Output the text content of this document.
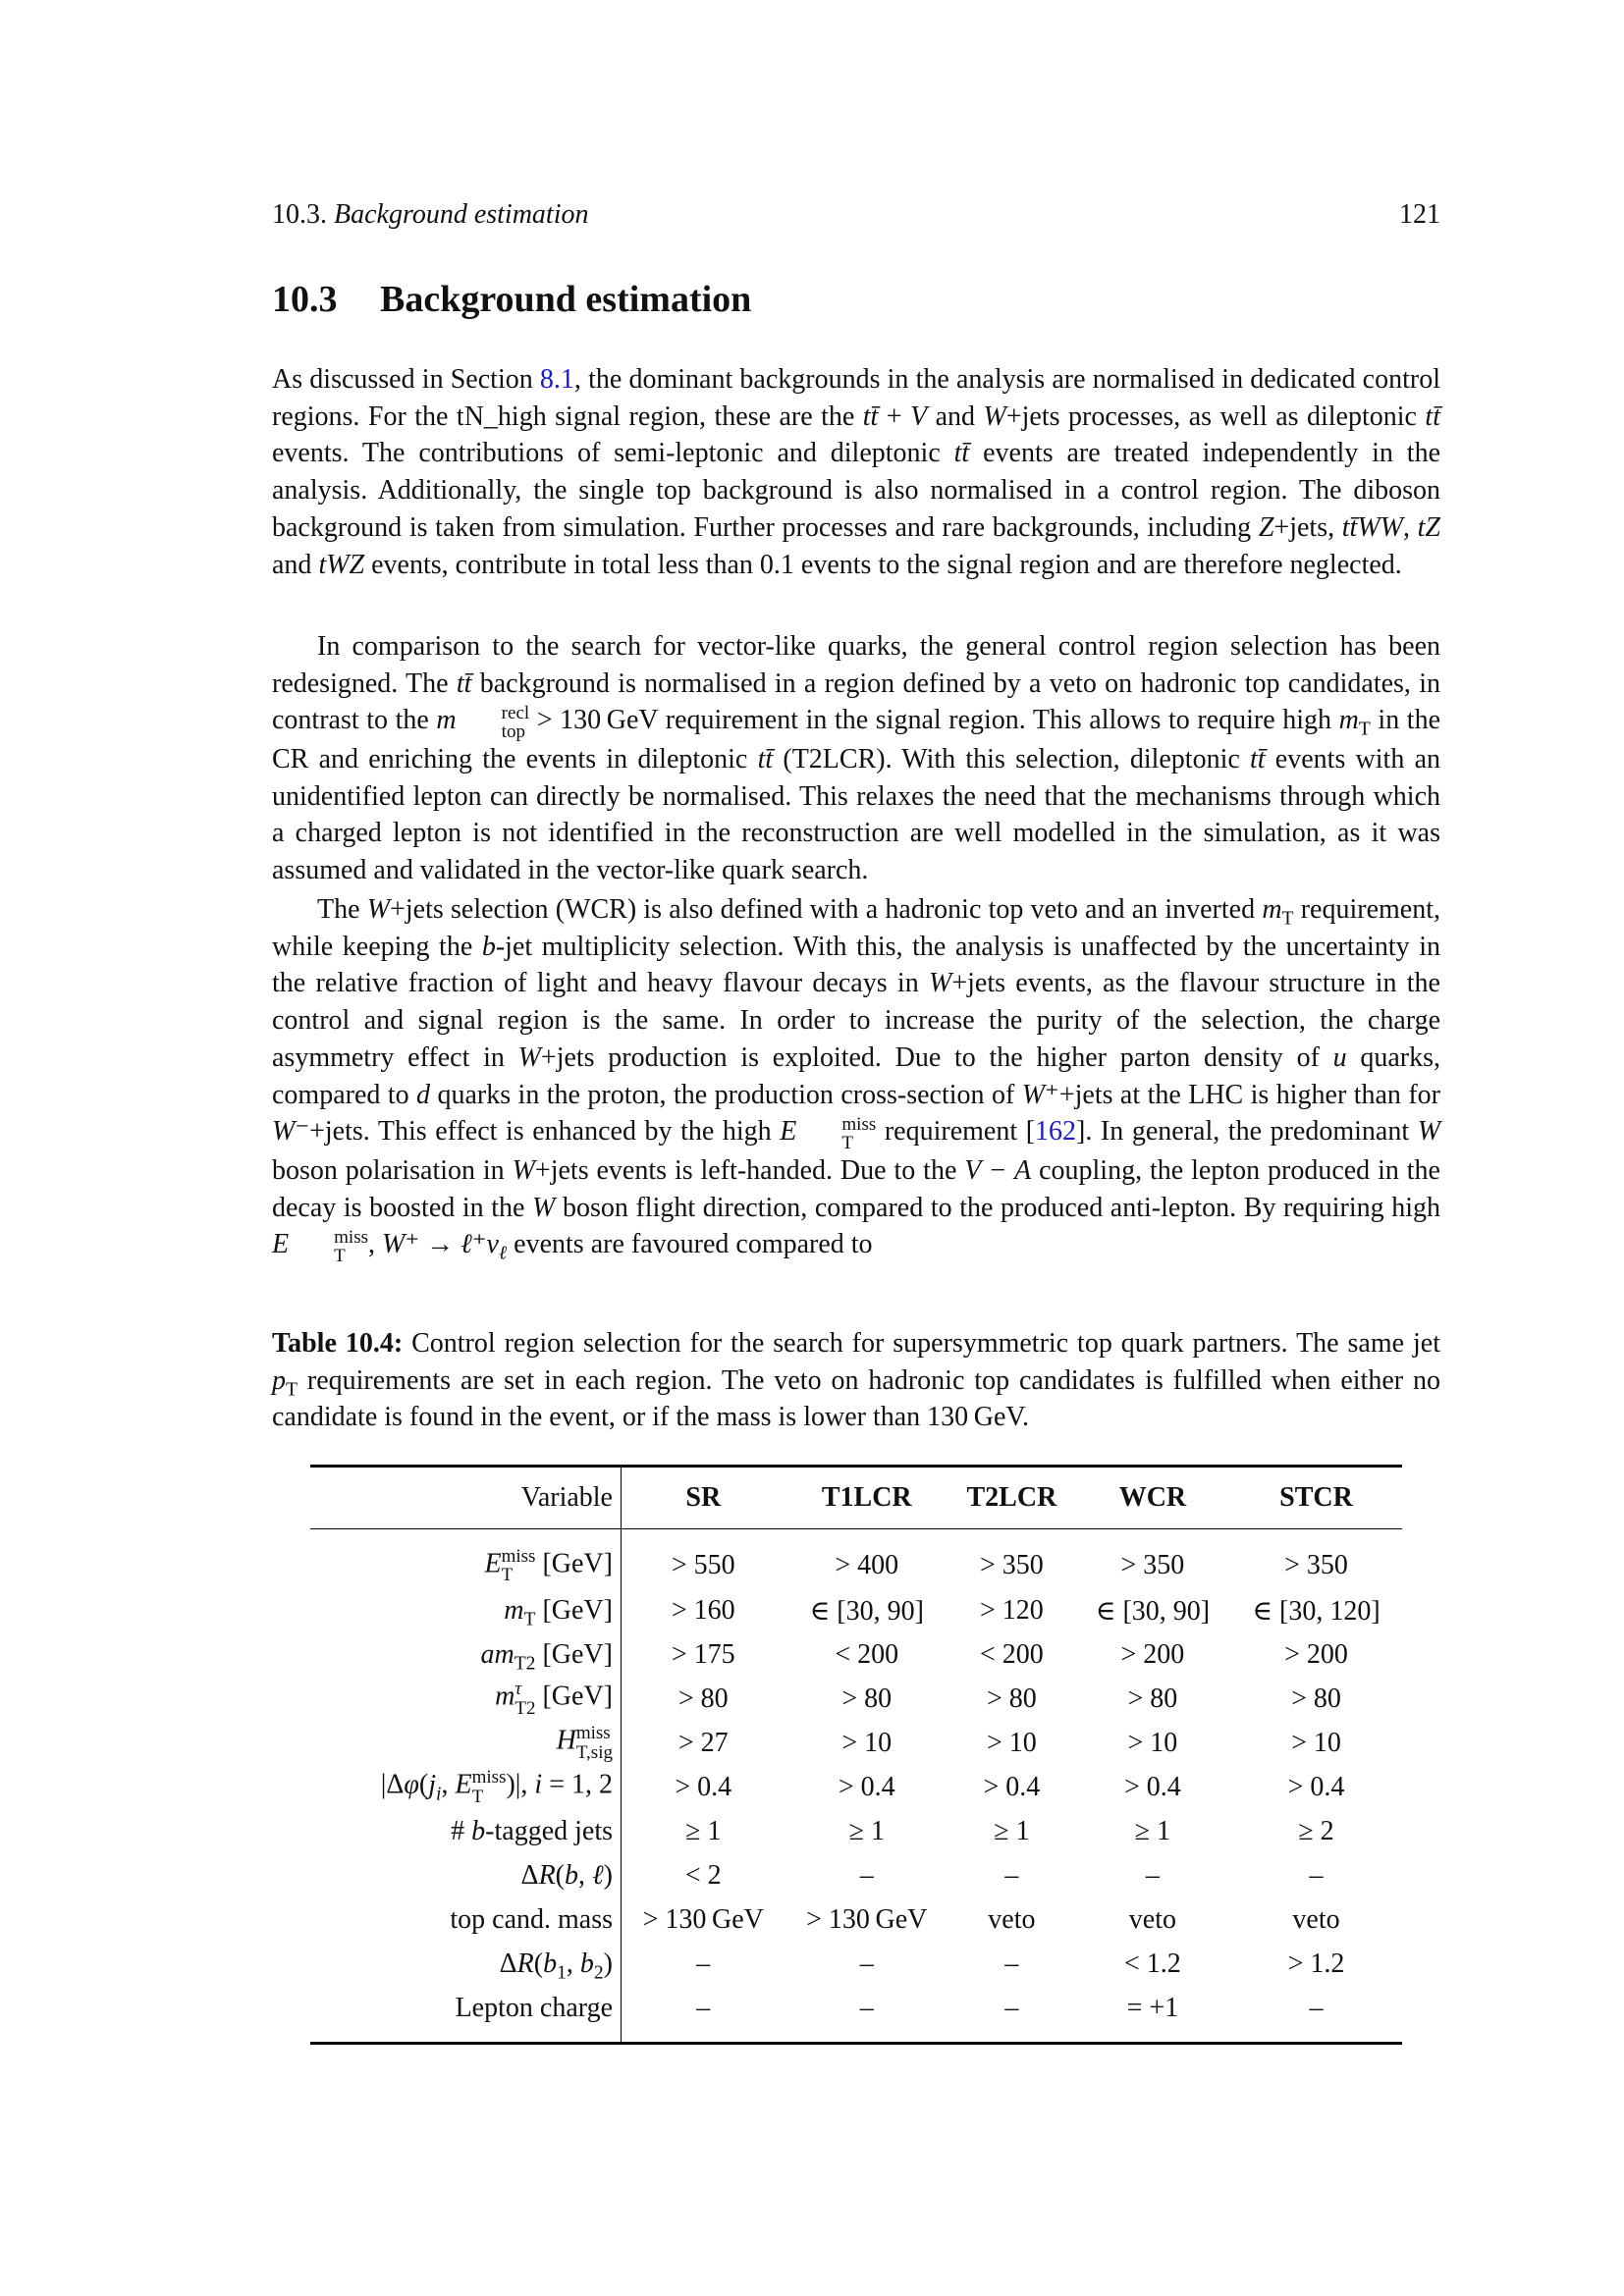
10.3. Background estimation	121
10.3 Background estimation

As discussed in Section 8.1, the dominant backgrounds in the analysis are normalised in dedicated control regions. For the tN_high signal region, these are the tt̄ + V and W+jets processes, as well as dileptonic tt̄ events. The contributions of semi-leptonic and dileptonic tt̄ events are treated independently in the analysis. Additionally, the single top background is also normalised in a control region. The diboson background is taken from simulation. Further processes and rare backgrounds, including Z+jets, tt̄WW, tZ and tWZ events, contribute in total less than 0.1 events to the signal region and are therefore neglected.

In comparison to the search for vector-like quarks, the general control region selection has been redesigned. The tt̄ background is normalised in a region defined by a veto on hadronic top candidates, in contrast to the m	recl
top > 130 GeV requirement in the signal region. This allows to require high $m_T$ in the CR and enriching the events in dileptonic tt̄ (T2LCR). With this selection, dileptonic tt̄ events with an unidentified lepton can directly be normalised. This relaxes the need that the mechanisms through which a charged lepton is not identified in the reconstruction are well modelled in the simulation, as it was assumed and validated in the vector-like quark search.

The W+jets selection (WCR) is also defined with a hadronic top veto and an inverted $m_T$ requirement, while keeping the b-jet multiplicity selection. With this, the analysis is unaffected by the uncertainty in the relative fraction of light and heavy flavour decays in W+jets events, as the flavour structure in the control and signal region is the same. In order to increase the purity of the selection, the charge asymmetry effect in W+jets production is exploited. Due to the higher parton density of u quarks, compared to d quarks in the proton, the production cross-section of W⁺+jets at the LHC is higher than for W⁻+jets. This effect is enhanced by the high E	miss
T requirement [162]. In general, the predominant W boson polarisation in W+jets events is left-handed. Due to the V − A coupling, the lepton produced in the decay is boosted in the W boson flight direction, compared to the produced anti-lepton. By requiring high E	miss
T , $W^+ \to \ell^+\nu_\ell$ events are favoured compared to

Table 10.4: Control region selection for the search for supersymmetric top quark partners. The same jet $p_T$ requirements are set in each region. The veto on hadronic top candidates is fulfilled when either no candidate is found in the event, or if the mass is lower than 130 GeV.
Variable	SR	T1LCR	T2LCR	WCR	STCR
E miss
T [GeV]	> 550	> 400	> 350	> 350	> 350
$m_T$ [GeV]	> 160	∈ [30, 90]	> 120	∈ [30, 90]	∈ [30, 120]
$am_{T2}$ [GeV]	> 175	< 200	< 200	> 200	> 200
m τ
T2 [GeV]	> 80	> 80	> 80	> 80	> 80
H miss
T,sig	> 27	> 10	> 10	> 10	> 10
$|\Delta\varphi(j_i$, E miss
T )|, i = 1, 2	> 0.4	> 0.4	> 0.4	> 0.4	> 0.4
# b-tagged jets	≥ 1	≥ 1	≥ 1	≥ 1	≥ 2
ΔR(b, ℓ)	< 2	–	–	–	–
top cand. mass	> 130 GeV	> 130 GeV	veto	veto	veto
$\Delta R(b_1$, $b_2$)	–	–	–	< 1.2	> 1.2
Lepton charge	–	–	–	= +1	–
